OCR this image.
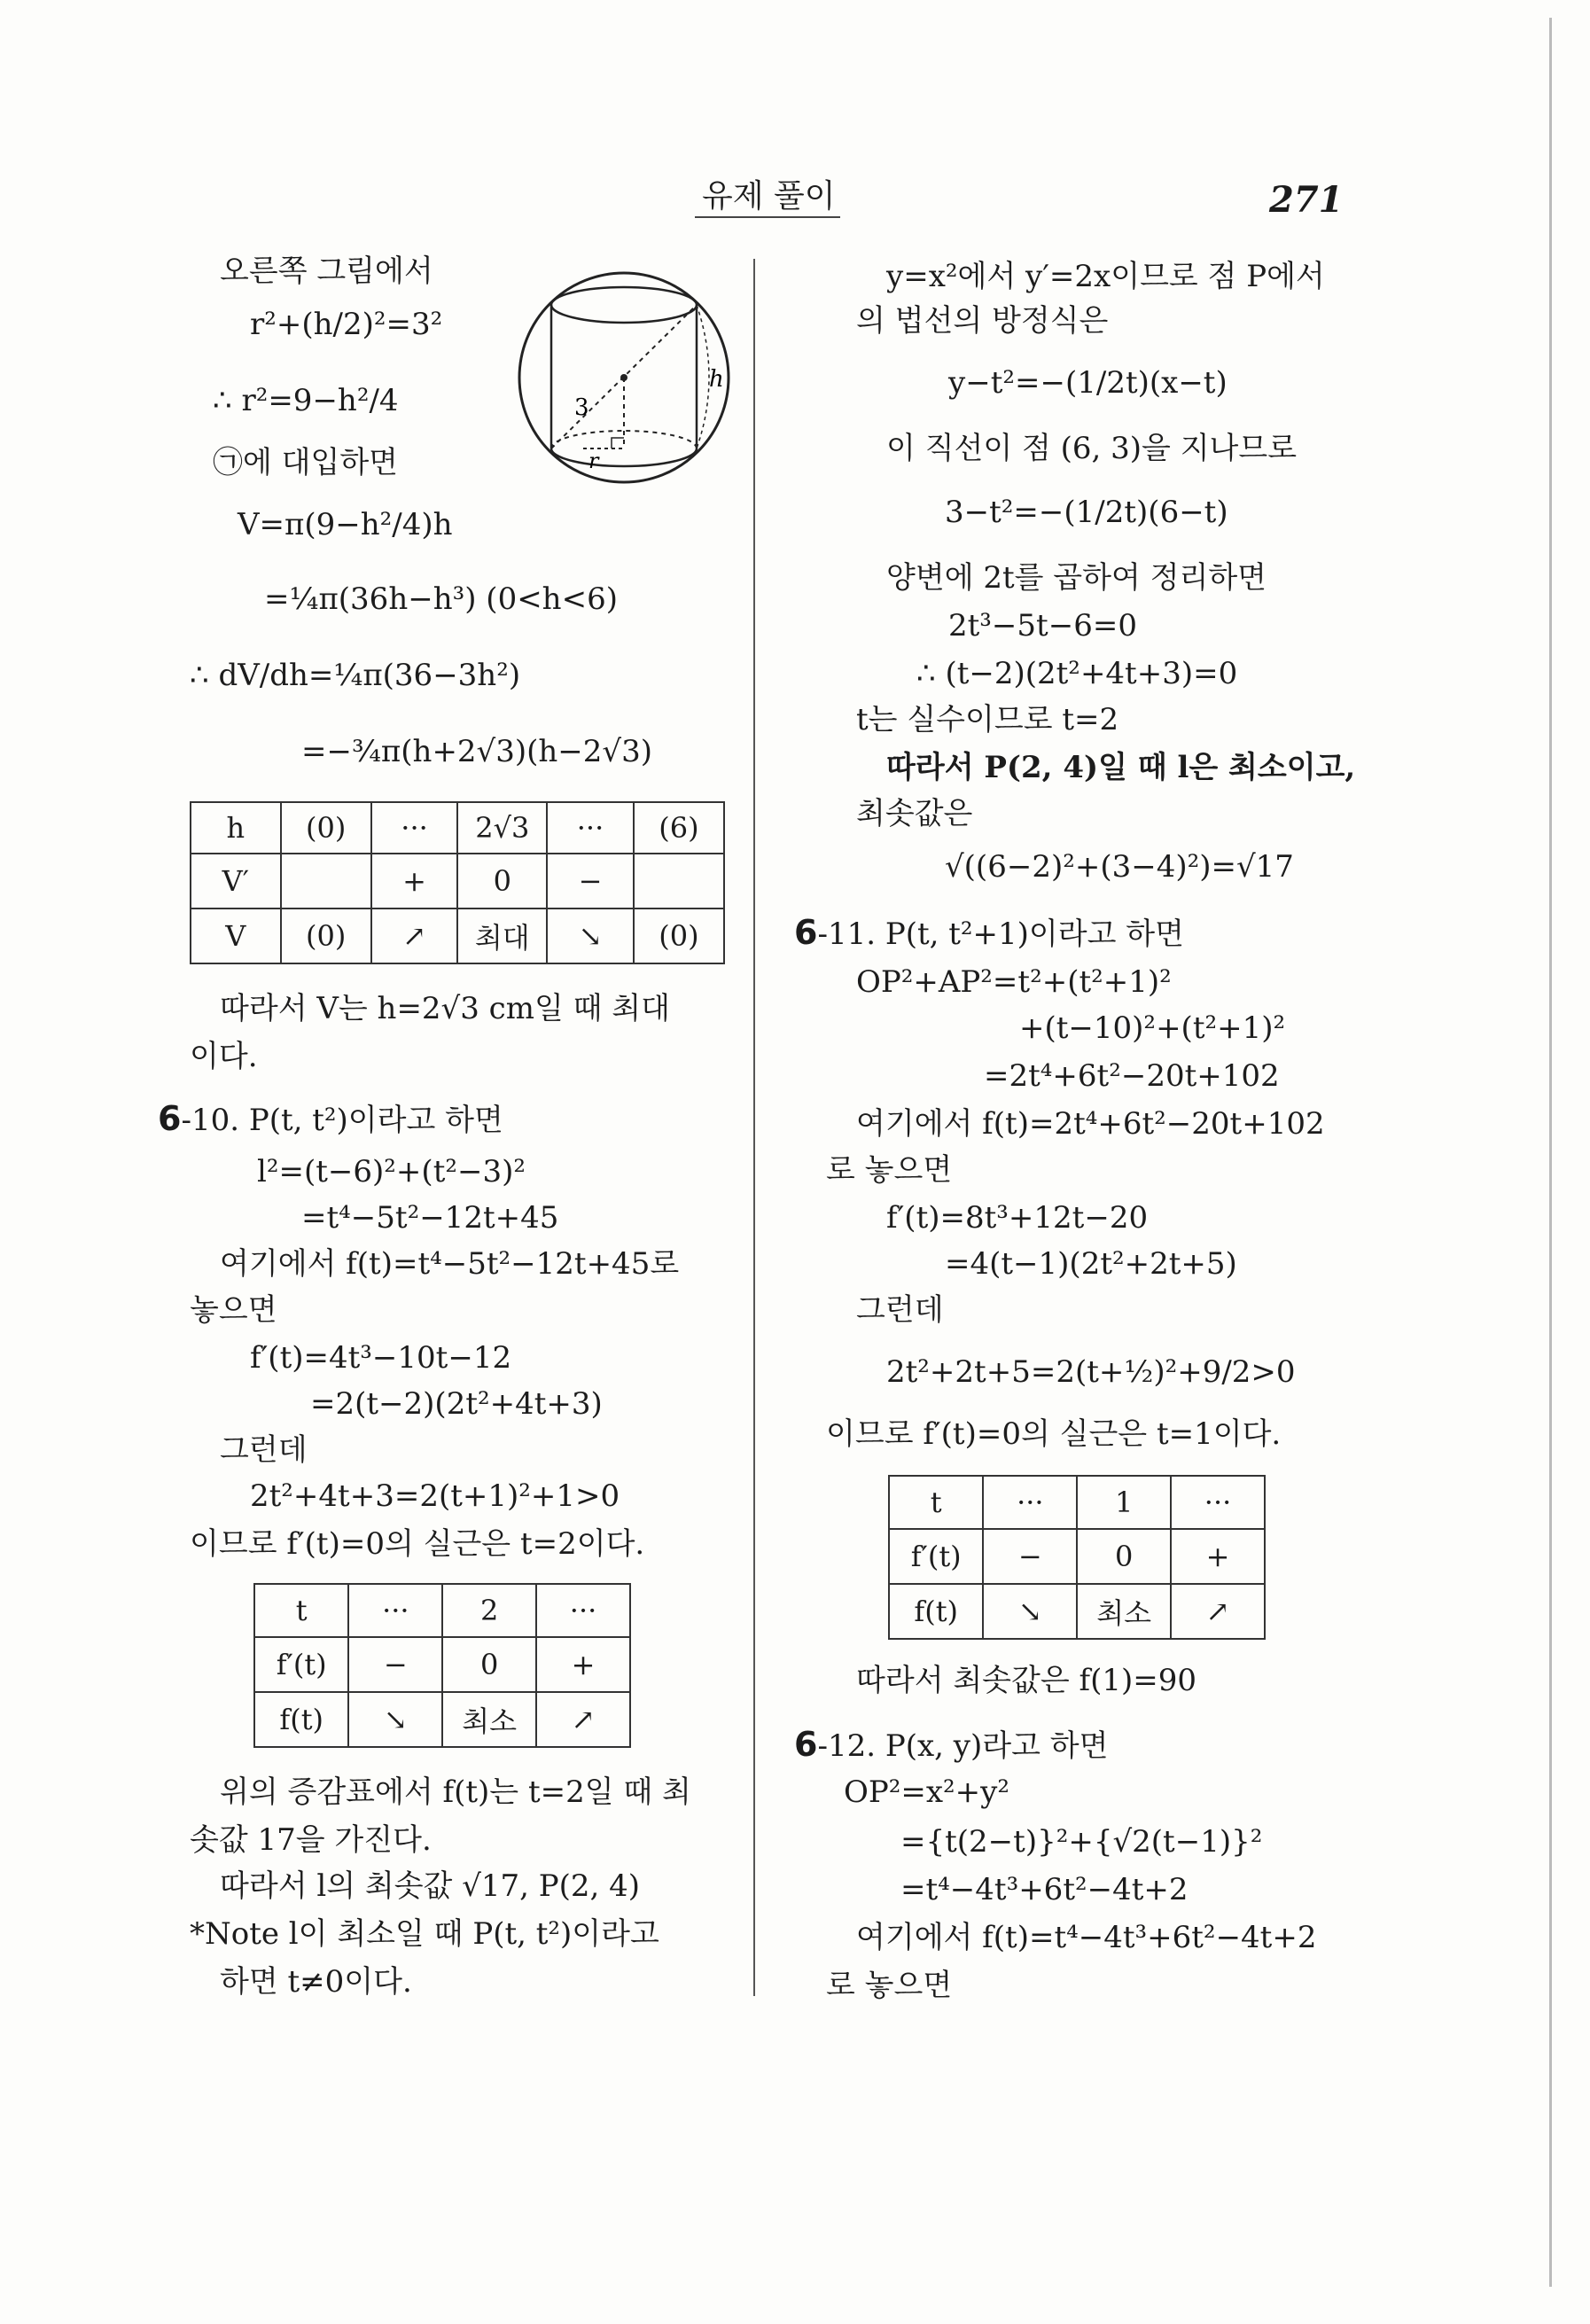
유제 풀이	271
오른쪽 그림에서
r²+(h/2)²=3²
∴ r²=9−h²/4
㉠에 대입하면
V=π(9−h²/4)h
=¼π(36h−h³) (0<h<6)
∴ dV/dh=¼π(36−3h²)
=−¾π(h+2√3)(h−2√3)
3
h
r
h	(0)	···	2√3	···	(6)
V′		+	0	−	
V	(0)	↗	최대	↘	(0)
따라서 V는 h=2√3 cm일 때 최대
이다.
6-10. P(t, t²)이라고 하면
l²=(t−6)²+(t²−3)²
=t⁴−5t²−12t+45
여기에서 f(t)=t⁴−5t²−12t+45로
놓으면
f′(t)=4t³−10t−12
=2(t−2)(2t²+4t+3)
그런데
2t²+4t+3=2(t+1)²+1>0
이므로 f′(t)=0의 실근은 t=2이다.
t	···	2	···
f′(t)	−	0	+
f(t)	↘	최소	↗
위의 증감표에서 f(t)는 t=2일 때 최
솟값 17을 가진다.
따라서 l의 최솟값 √17, P(2, 4)
*Note l이 최소일 때 P(t, t²)이라고
하면 t≠0이다.
y=x²에서 y′=2x이므로 점 P에서
의 법선의 방정식은
y−t²=−(1/2t)(x−t)
이 직선이 점 (6, 3)을 지나므로
3−t²=−(1/2t)(6−t)
양변에 2t를 곱하여 정리하면
2t³−5t−6=0
∴ (t−2)(2t²+4t+3)=0
t는 실수이므로 t=2
따라서 P(2, 4)일 때 l은 최소이고,
최솟값은
√((6−2)²+(3−4)²)=√17
6-11. P(t, t²+1)이라고 하면
OP²+AP²=t²+(t²+1)²
+(t−10)²+(t²+1)²
=2t⁴+6t²−20t+102
여기에서 f(t)=2t⁴+6t²−20t+102
로 놓으면
f′(t)=8t³+12t−20
=4(t−1)(2t²+2t+5)
그런데
2t²+2t+5=2(t+½)²+9/2>0
이므로 f′(t)=0의 실근은 t=1이다.
t	···	1	···
f′(t)	−	0	+
f(t)	↘	최소	↗
따라서 최솟값은 f(1)=90
6-12. P(x, y)라고 하면
OP²=x²+y²
={t(2−t)}²+{√2(t−1)}²
=t⁴−4t³+6t²−4t+2
여기에서 f(t)=t⁴−4t³+6t²−4t+2
로 놓으면
